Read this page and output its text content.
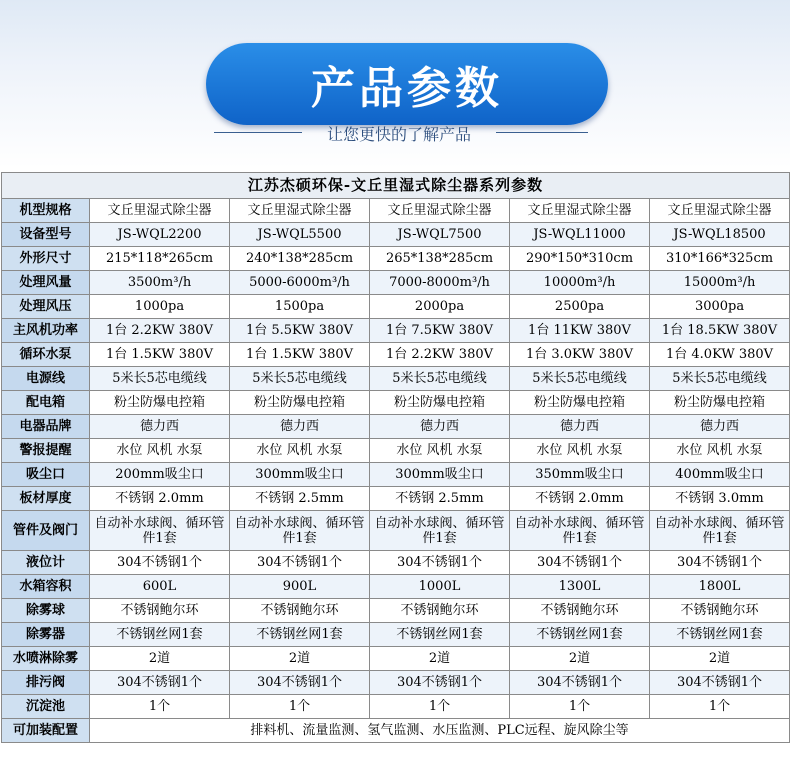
产品参数
让您更快的了解产品
江苏杰硕环保-文丘里湿式除尘器系列参数					
机型规格	文丘里湿式除尘器	文丘里湿式除尘器	文丘里湿式除尘器	文丘里湿式除尘器	文丘里湿式除尘器
设备型号	JS-WQL2200	JS-WQL5500	JS-WQL7500	JS-WQL11000	JS-WQL18500
外形尺寸	215*118*265cm	240*138*285cm	265*138*285cm	290*150*310cm	310*166*325cm
处理风量	3500m³/h	5000-6000m³/h	7000-8000m³/h	10000m³/h	15000m³/h
处理风压	1000pa	1500pa	2000pa	2500pa	3000pa
主风机功率	1台 2.2KW 380V	1台 5.5KW 380V	1台 7.5KW 380V	1台 11KW 380V	1台 18.5KW 380V
循环水泵	1台 1.5KW 380V	1台 1.5KW 380V	1台 2.2KW 380V	1台 3.0KW 380V	1台 4.0KW 380V
电源线	5米长5芯电缆线	5米长5芯电缆线	5米长5芯电缆线	5米长5芯电缆线	5米长5芯电缆线
配电箱	粉尘防爆电控箱	粉尘防爆电控箱	粉尘防爆电控箱	粉尘防爆电控箱	粉尘防爆电控箱
电器品牌	德力西	德力西	德力西	德力西	德力西
警报提醒	水位 风机 水泵	水位 风机 水泵	水位 风机 水泵	水位 风机 水泵	水位 风机 水泵
吸尘口	200mm吸尘口	300mm吸尘口	300mm吸尘口	350mm吸尘口	400mm吸尘口
板材厚度	不锈钢 2.0mm	不锈钢 2.5mm	不锈钢 2.5mm	不锈钢 2.0mm	不锈钢 3.0mm
管件及阀门	自动补水球阀、循环管件1套	自动补水球阀、循环管件1套	自动补水球阀、循环管件1套	自动补水球阀、循环管件1套	自动补水球阀、循环管件1套
液位计	304不锈钢1个	304不锈钢1个	304不锈钢1个	304不锈钢1个	304不锈钢1个
水箱容积	600L	900L	1000L	1300L	1800L
除雾球	不锈钢鲍尔环	不锈钢鲍尔环	不锈钢鲍尔环	不锈钢鲍尔环	不锈钢鲍尔环
除雾器	不锈钢丝网1套	不锈钢丝网1套	不锈钢丝网1套	不锈钢丝网1套	不锈钢丝网1套
水喷淋除雾	2道	2道	2道	2道	2道
排污阀	304不锈钢1个	304不锈钢1个	304不锈钢1个	304不锈钢1个	304不锈钢1个
沉淀池	1个	1个	1个	1个	1个
可加装配置	排料机、流量监测、氢气监测、水压监测、PLC远程、旋风除尘等				
